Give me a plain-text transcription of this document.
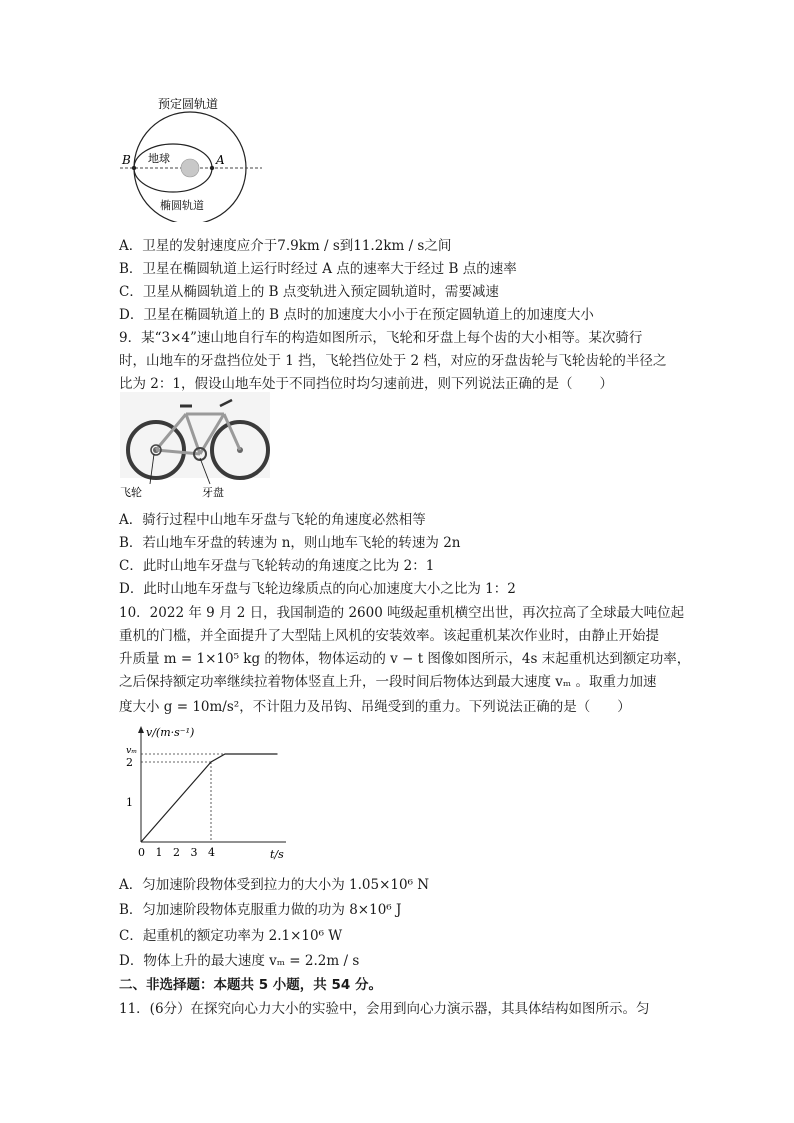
预定圆轨道
地球
椭圆轨道
B	A
A．卫星的发射速度应介于7.9km / s到11.2km / s之间
B．卫星在椭圆轨道上运行时经过 A 点的速率大于经过 B 点的速率
C．卫星从椭圆轨道上的 B 点变轨进入预定圆轨道时，需要减速
D．卫星在椭圆轨道上的 B 点时的加速度大小小于在预定圆轨道上的加速度大小
9．某“3×4”速山地自行车的构造如图所示，飞轮和牙盘上每个齿的大小相等。某次骑行
时，山地车的牙盘挡位处于 1 挡，飞轮挡位处于 2 档，对应的牙盘齿轮与飞轮齿轮的半径之
比为 2：1，假设山地车处于不同挡位时均匀速前进，则下列说法正确的是（　　）
飞轮	牙盘
A．骑行过程中山地车牙盘与飞轮的角速度必然相等
B．若山地车牙盘的转速为 n，则山地车飞轮的转速为 2n
C．此时山地车牙盘与飞轮转动的角速度之比为 2：1
D．此时山地车牙盘与飞轮边缘质点的向心加速度大小之比为 1：2
10．2022 年 9 月 2 日，我国制造的 2600 吨级起重机横空出世，再次拉高了全球最大吨位起
重机的门槛，并全面提升了大型陆上风机的安装效率。该起重机某次作业时，由静止开始提
升质量 m = 1×10⁵ kg 的物体，物体运动的 v − t 图像如图所示，4s 末起重机达到额定功率，
之后保持额定功率继续拉着物体竖直上升，一段时间后物体达到最大速度 vₘ 。取重力加速
度大小 g = 10m/s²，不计阻力及吊钩、吊绳受到的重力。下列说法正确的是（　　）
v/(m·s⁻¹)
t/s
0 1 2 3 4
1
2
vₘ
A．匀加速阶段物体受到拉力的大小为 1.05×10⁶ N
B．匀加速阶段物体克服重力做的功为 8×10⁶ J
C．起重机的额定功率为 2.1×10⁶ W
D．物体上升的最大速度 vₘ = 2.2m / s
二、非选择题：本题共 5 小题，共 54 分。
11．(6分）在探究向心力大小的实验中，会用到向心力演示器，其具体结构如图所示。匀
